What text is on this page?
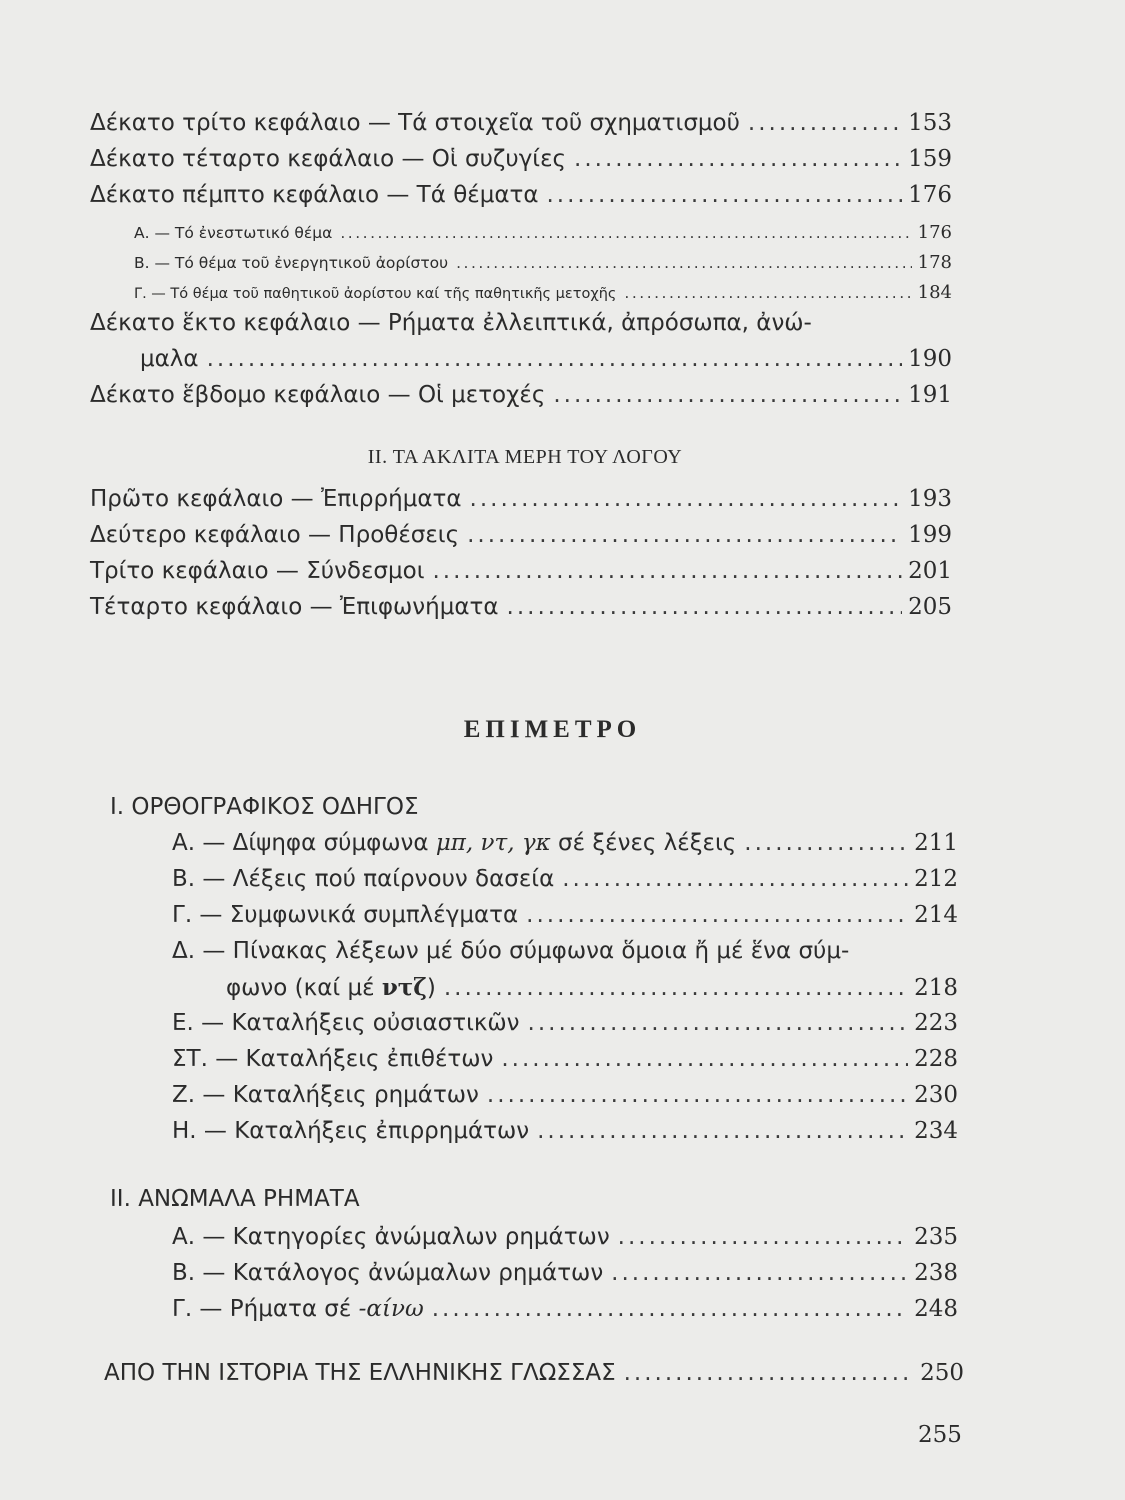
Δέκατο τρίτο κεφάλαιο — Τά στοιχεῖα τοῦ σχηματισμοῦ .....	153
Δέκατο τέταρτο κεφάλαιο — Οἱ συζυγίες .....	159
Δέκατο πέμπτο κεφάλαιο — Τά θέματα .....	176
Α. — Τό ἐνεστωτικό θέμα .....	176
Β. — Τό θέμα τοῦ ἐνεργητικοῦ ἀορίστου .....	178
Γ. — Τό θέμα τοῦ παθητικοῦ ἀορίστου καί τῆς παθητικῆς μετοχῆς .....	184
Δέκατο ἕκτο κεφάλαιο — Ρήματα ἐλλειπτικά, ἀπρόσωπα, ἀνώ-
μαλα .....	190
Δέκατο ἕβδομο κεφάλαιο — Οἱ μετοχές .....	191
ΙΙ. ΤΑ ΑΚΛΙΤΑ ΜΕΡΗ ΤΟΥ ΛΟΓΟΥ
Πρῶτο κεφάλαιο — Ἐπιρρήματα .....	193
Δεύτερο κεφάλαιο — Προθέσεις .....	199
Τρίτο κεφάλαιο — Σύνδεσμοι .....	201
Τέταρτο κεφάλαιο — Ἐπιφωνήματα .....	205
ΕΠΙΜΕΤΡΟ
Ι. ΟΡΘΟΓΡΑΦΙΚΟΣ ΟΔΗΓΟΣ
Α. — Δίψηφα σύμφωνα μπ, ντ, γκ σέ ξένες λέξεις .....	211
Β. — Λέξεις πού παίρνουν δασεία .....	212
Γ. — Συμφωνικά συμπλέγματα .....	214
Δ. — Πίνακας λέξεων μέ δύο σύμφωνα ὅμοια ἤ μέ ἕνα σύμ-
φωνο (καί μέ ντζ) .....	218
Ε. — Καταλήξεις οὐσιαστικῶν .....	223
ΣΤ. — Καταλήξεις ἐπιθέτων .....	228
Ζ. — Καταλήξεις ρημάτων .....	230
Η. — Καταλήξεις ἐπιρρημάτων .....	234
ΙΙ. ΑΝΩΜΑΛΑ ΡΗΜΑΤΑ
Α. — Κατηγορίες ἀνώμαλων ρημάτων .....	235
Β. — Κατάλογος ἀνώμαλων ρημάτων .....	238
Γ. — Ρήματα σέ -αίνω .....	248
ΑΠΟ ΤΗΝ ΙΣΤΟΡΙΑ ΤΗΣ ΕΛΛΗΝΙΚΗΣ ΓΛΩΣΣΑΣ .....	250
255
